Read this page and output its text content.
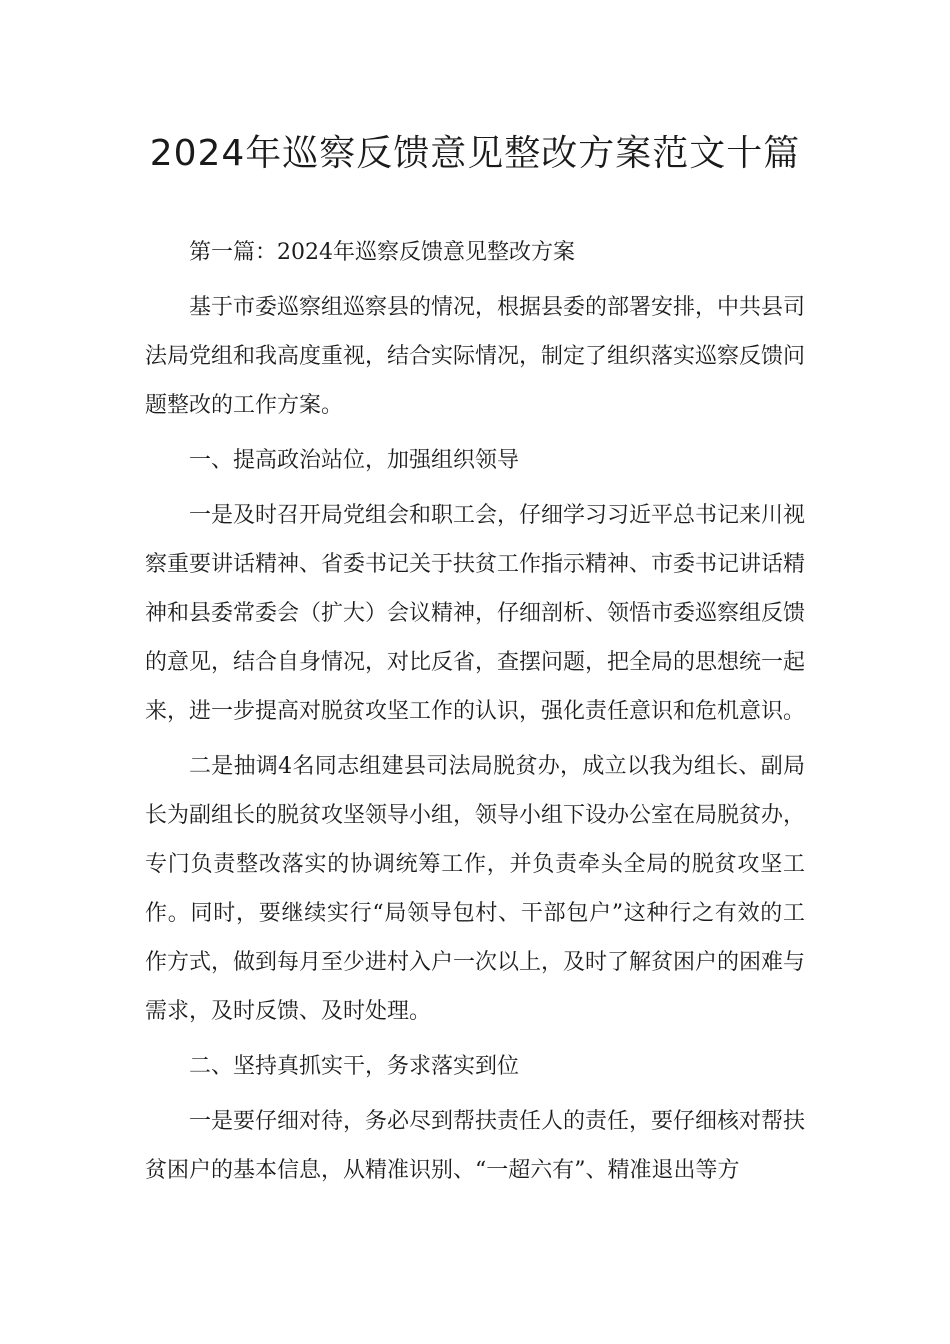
2024年巡察反馈意见整改方案范文十篇

第一篇：2024年巡察反馈意见整改方案

基于市委巡察组巡察县的情况，根据县委的部署安排，中共县司法局党组和我高度重视，结合实际情况，制定了组织落实巡察反馈问题整改的工作方案。

一、提高政治站位，加强组织领导

一是及时召开局党组会和职工会，仔细学习习近平总书记来川视察重要讲话精神、省委书记关于扶贫工作指示精神、市委书记讲话精神和县委常委会（扩大）会议精神，仔细剖析、领悟市委巡察组反馈的意见，结合自身情况，对比反省，查摆问题，把全局的思想统一起来，进一步提高对脱贫攻坚工作的认识，强化责任意识和危机意识。

二是抽调4名同志组建县司法局脱贫办，成立以我为组长、副局长为副组长的脱贫攻坚领导小组，领导小组下设办公室在局脱贫办，专门负责整改落实的协调统筹工作，并负责牵头全局的脱贫攻坚工作。同时，要继续实行“局领导包村、干部包户”这种行之有效的工作方式，做到每月至少进村入户一次以上，及时了解贫困户的困难与需求，及时反馈、及时处理。

二、坚持真抓实干，务求落实到位

一是要仔细对待，务必尽到帮扶责任人的责任，要仔细核对帮扶贫困户的基本信息，从精准识别、“一超六有”、精准退出等方
